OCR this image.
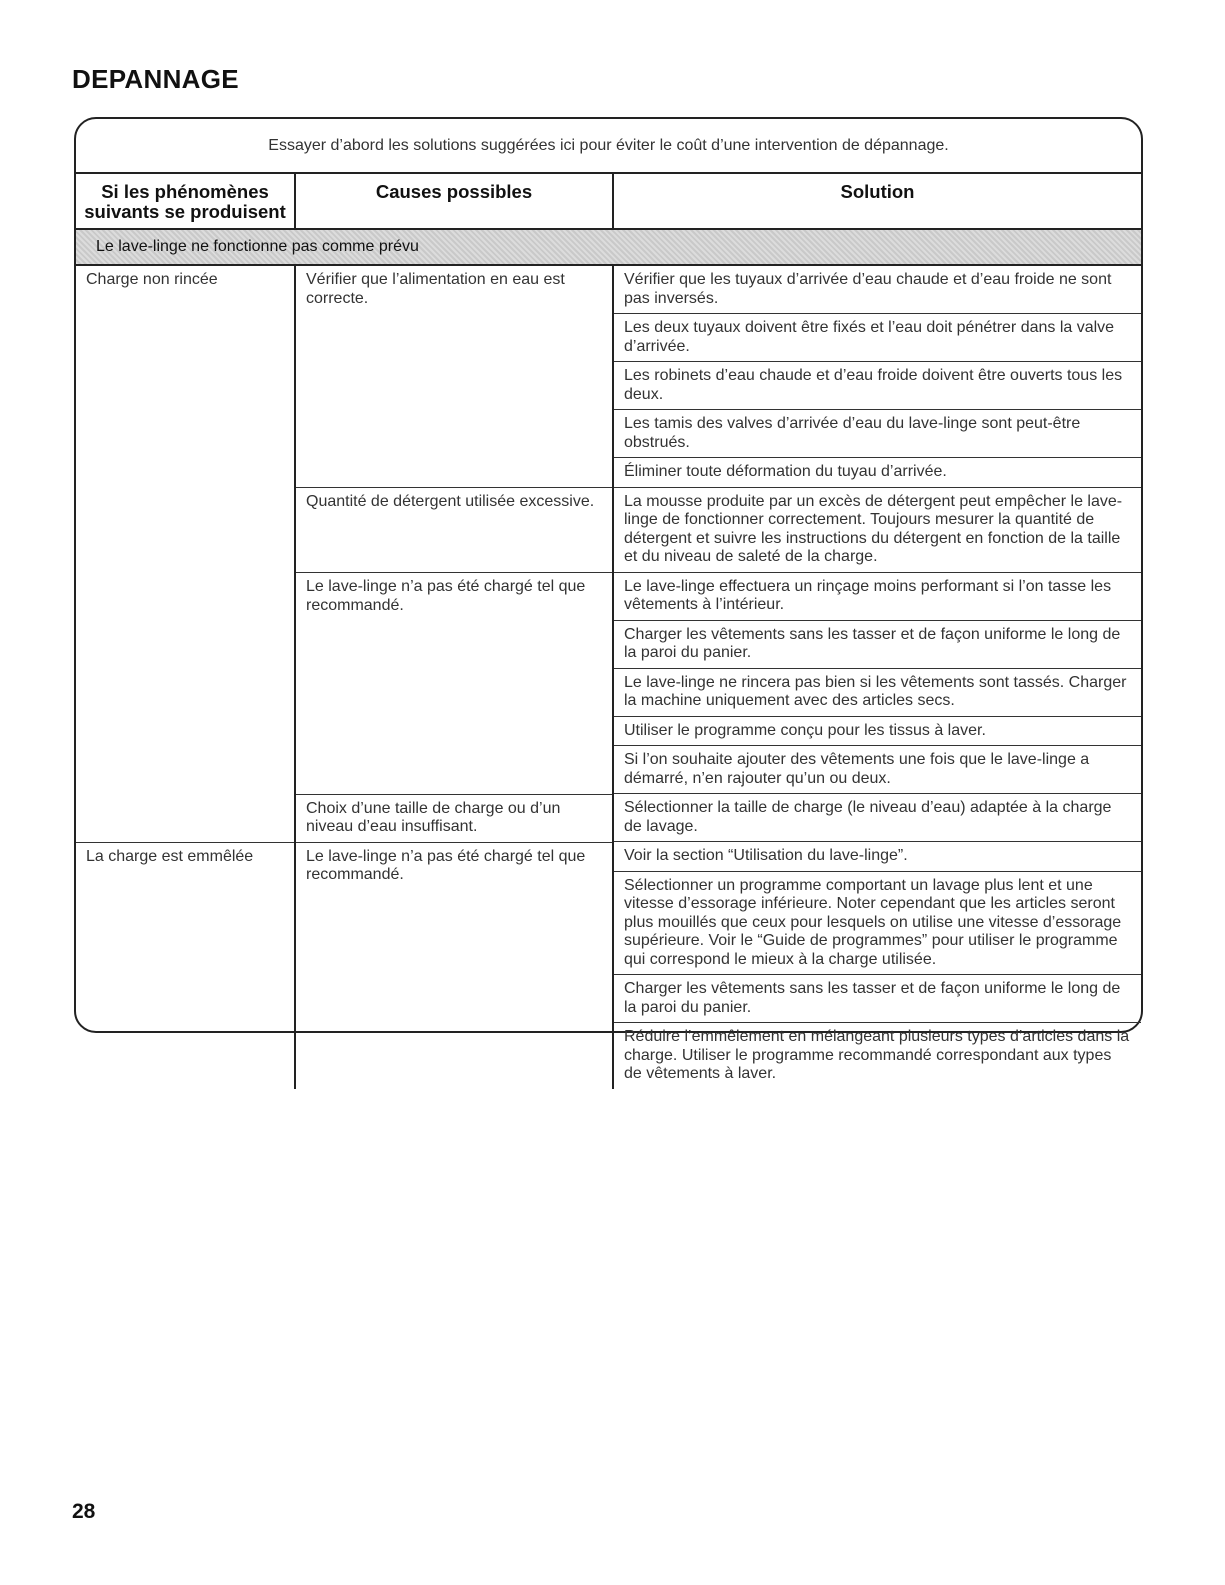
DEPANNAGE
Essayer d’abord les solutions suggérées ici pour éviter le coût d’une intervention de dépannage.
Si les phénomènes suivants se produisent	Causes possibles	Solution
Le lave-linge ne fonctionne pas comme prévu		
Charge non rincée	Vérifier que l’alimentation en eau est correcte.	Vérifier que les tuyaux d’arrivée d’eau chaude et d’eau froide ne sont pas inversés.
Les deux tuyaux doivent être fixés et l’eau doit pénétrer dans la valve d’arrivée.
Les robinets d’eau chaude et d’eau froide doivent être ouverts tous les deux.
Les tamis des valves d’arrivée d’eau du lave-linge sont peut-être obstrués.
Éliminer toute déformation du tuyau d’arrivée.

	Quantité de détergent utilisée excessive.	La mousse produite par un excès de détergent peut empêcher le lave-linge de fonctionner correctement. Toujours mesurer la quantité de détergent et suivre les instructions du détergent en fonction de la taille et du niveau de saleté de la charge.

	Le lave-linge n’a pas été chargé tel que recommandé.	Le lave-linge effectuera un rinçage moins performant si l’on tasse les vêtements à l’intérieur.
Charger les vêtements sans les tasser et de façon uniforme le long de la paroi du panier.
Le lave-linge ne rincera pas bien si les vêtements sont tassés. Charger la machine uniquement avec des articles secs.
Utiliser le programme conçu pour les tissus à laver.
Si l’on souhaite ajouter des vêtements une fois que le lave-linge a démarré, n’en rajouter qu’un ou deux.

	Choix d’une taille de charge ou d’un niveau d’eau insuffisant.	Sélectionner la taille de charge (le niveau d’eau) adaptée à la charge de lavage.

La charge est emmêlée	Le lave-linge n’a pas été chargé tel que recommandé.	Voir la section “Utilisation du lave-linge”.
Sélectionner un programme comportant un lavage plus lent et une vitesse d’essorage inférieure. Noter cependant que les articles seront plus mouillés que ceux pour lesquels on utilise une vitesse d’essorage supérieure. Voir le “Guide de programmes” pour utiliser le programme qui correspond le mieux à la charge utilisée.
Charger les vêtements sans les tasser et de façon uniforme le long de la paroi du panier.
Réduire l’emmêlement en mélangeant plusieurs types d’articles dans la charge. Utiliser le programme recommandé correspondant aux types de vêtements à laver.
28
